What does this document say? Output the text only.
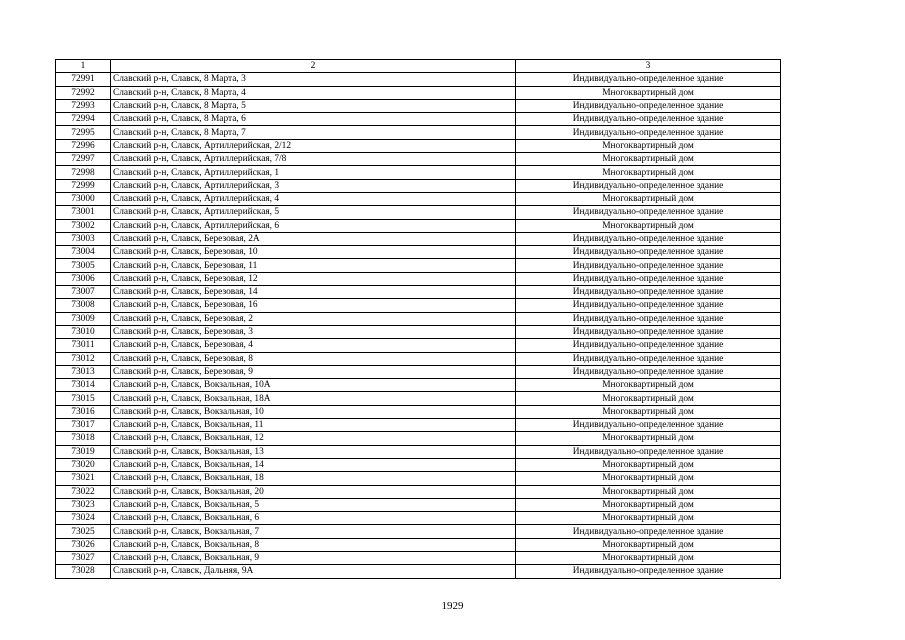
1	2	3
72991	Славский р-н, Славск, 8 Марта, 3	Индивидуально-определенное здание
72992	Славский р-н, Славск, 8 Марта, 4	Многоквартирный дом
72993	Славский р-н, Славск, 8 Марта, 5	Индивидуально-определенное здание
72994	Славский р-н, Славск, 8 Марта, 6	Индивидуально-определенное здание
72995	Славский р-н, Славск, 8 Марта, 7	Индивидуально-определенное здание
72996	Славский р-н, Славск, Артиллерийская, 2/12	Многоквартирный дом
72997	Славский р-н, Славск, Артиллерийская, 7/8	Многоквартирный дом
72998	Славский р-н, Славск, Артиллерийская, 1	Многоквартирный дом
72999	Славский р-н, Славск, Артиллерийская, 3	Индивидуально-определенное здание
73000	Славский р-н, Славск, Артиллерийская, 4	Многоквартирный дом
73001	Славский р-н, Славск, Артиллерийская, 5	Индивидуально-определенное здание
73002	Славский р-н, Славск, Артиллерийская, 6	Многоквартирный дом
73003	Славский р-н, Славск, Березовая, 2А	Индивидуально-определенное здание
73004	Славский р-н, Славск, Березовая, 10	Индивидуально-определенное здание
73005	Славский р-н, Славск, Березовая, 11	Индивидуально-определенное здание
73006	Славский р-н, Славск, Березовая, 12	Индивидуально-определенное здание
73007	Славский р-н, Славск, Березовая, 14	Индивидуально-определенное здание
73008	Славский р-н, Славск, Березовая, 16	Индивидуально-определенное здание
73009	Славский р-н, Славск, Березовая, 2	Индивидуально-определенное здание
73010	Славский р-н, Славск, Березовая, 3	Индивидуально-определенное здание
73011	Славский р-н, Славск, Березовая, 4	Индивидуально-определенное здание
73012	Славский р-н, Славск, Березовая, 8	Индивидуально-определенное здание
73013	Славский р-н, Славск, Березовая, 9	Индивидуально-определенное здание
73014	Славский р-н, Славск, Вокзальная, 10А	Многоквартирный дом
73015	Славский р-н, Славск, Вокзальная, 18А	Многоквартирный дом
73016	Славский р-н, Славск, Вокзальная, 10	Многоквартирный дом
73017	Славский р-н, Славск, Вокзальная, 11	Индивидуально-определенное здание
73018	Славский р-н, Славск, Вокзальная, 12	Многоквартирный дом
73019	Славский р-н, Славск, Вокзальная, 13	Индивидуально-определенное здание
73020	Славский р-н, Славск, Вокзальная, 14	Многоквартирный дом
73021	Славский р-н, Славск, Вокзальная, 18	Многоквартирный дом
73022	Славский р-н, Славск, Вокзальная, 20	Многоквартирный дом
73023	Славский р-н, Славск, Вокзальная, 5	Многоквартирный дом
73024	Славский р-н, Славск, Вокзальная, 6	Многоквартирный дом
73025	Славский р-н, Славск, Вокзальная, 7	Индивидуально-определенное здание
73026	Славский р-н, Славск, Вокзальная, 8	Многоквартирный дом
73027	Славский р-н, Славск, Вокзальная, 9	Многоквартирный дом
73028	Славский р-н, Славск, Дальняя, 9А	Индивидуально-определенное здание
1929
